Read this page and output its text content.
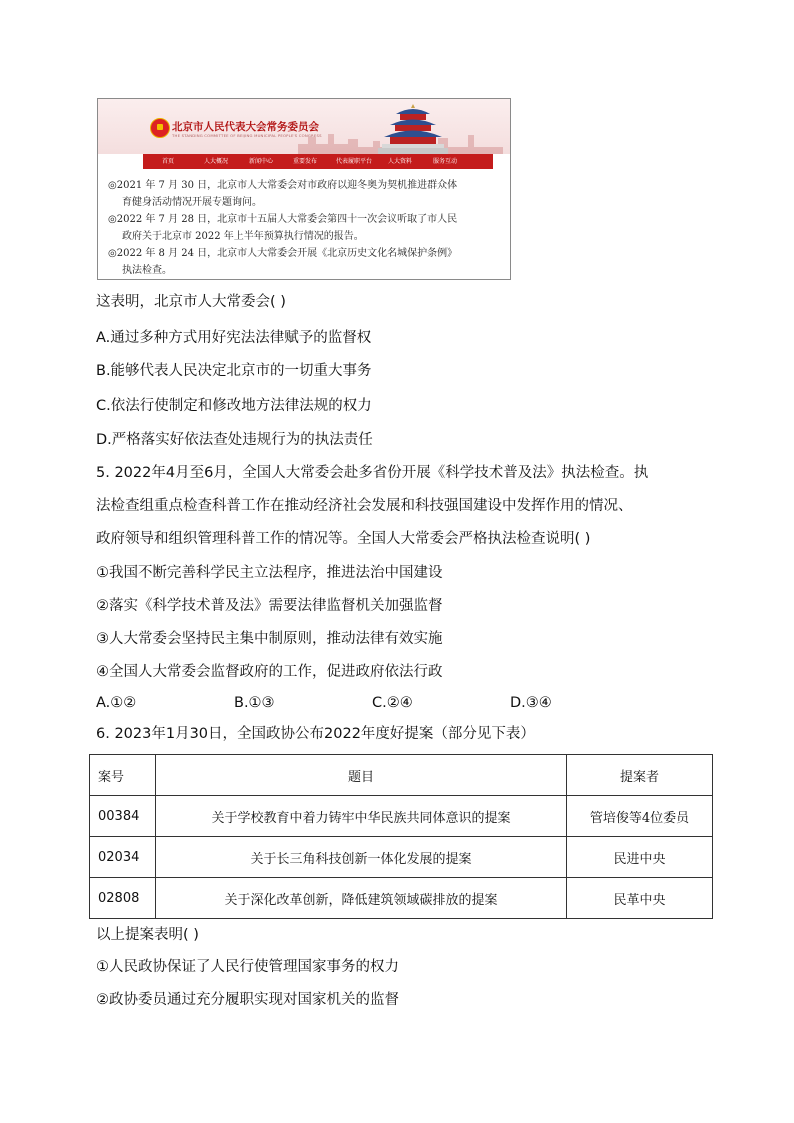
北京市人民代表大会常务委员会
THE STANDING COMMITTEE OF BEIJING MUNICIPAL PEOPLE'S CONGRESS
首页	人大概况	新闻中心	重要发布	代表履职平台	人大资料	服务互动
◎2021 年 7 月 30 日，北京市人大常委会对市政府以迎冬奥为契机推进群众体
育健身活动情况开展专题询问。
◎2022 年 7 月 28 日，北京市十五届人大常委会第四十一次会议听取了市人民
政府关于北京市 2022 年上半年预算执行情况的报告。
◎2022 年 8 月 24 日，北京市人大常委会开展《北京历史文化名城保护条例》
执法检查。
这表明，北京市人大常委会( )
A.通过多种方式用好宪法法律赋予的监督权
B.能够代表人民决定北京市的一切重大事务
C.依法行使制定和修改地方法律法规的权力
D.严格落实好依法查处违规行为的执法责任
5. 2022年4月至6月，全国人大常委会赴多省份开展《科学技术普及法》执法检查。执
法检查组重点检查科普工作在推动经济社会发展和科技强国建设中发挥作用的情况、
政府领导和组织管理科普工作的情况等。全国人大常委会严格执法检查说明( )
①我国不断完善科学民主立法程序，推进法治中国建设
②落实《科学技术普及法》需要法律监督机关加强监督
③人大常委会坚持民主集中制原则，推动法律有效实施
④全国人大常委会监督政府的工作，促进政府依法行政
A.①②	B.①③	C.②④	D.③④
6. 2023年1月30日，全国政协公布2022年度好提案（部分见下表）
案号	题目	提案者
00384	关于学校教育中着力铸牢中华民族共同体意识的提案	管培俊等4位委员
02034	关于长三角科技创新一体化发展的提案	民进中央
02808	关于深化改革创新，降低建筑领域碳排放的提案	民革中央
以上提案表明( )
①人民政协保证了人民行使管理国家事务的权力
②政协委员通过充分履职实现对国家机关的监督
